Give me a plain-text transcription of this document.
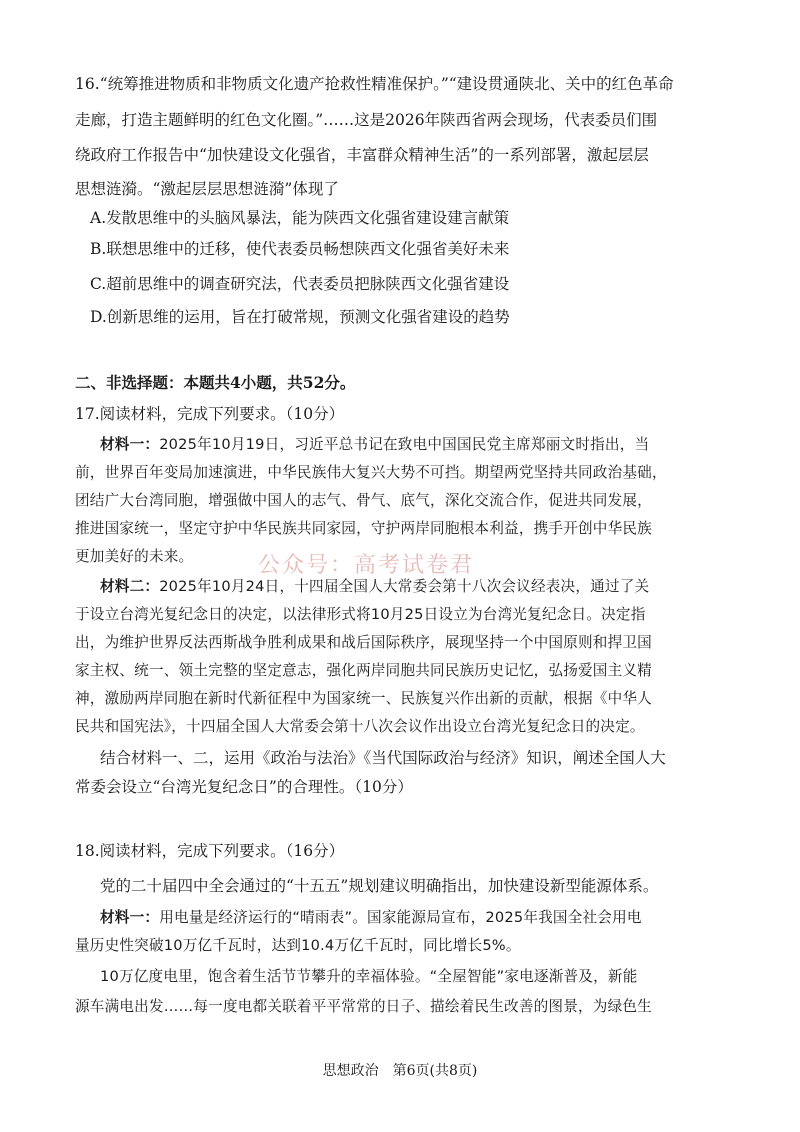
16.“统筹推进物质和非物质文化遗产抢救性精准保护。”“建设贯通陕北、关中的红色革命
走廊，打造主题鲜明的红色文化圈。”……这是2026年陕西省两会现场，代表委员们围
绕政府工作报告中“加快建设文化强省，丰富群众精神生活”的一系列部署，激起层层
思想涟漪。“激起层层思想涟漪”体现了
A.发散思维中的头脑风暴法，能为陕西文化强省建设建言献策
B.联想思维中的迁移，使代表委员畅想陕西文化强省美好未来
C.超前思维中的调查研究法，代表委员把脉陕西文化强省建设
D.创新思维的运用，旨在打破常规，预测文化强省建设的趋势
二、非选择题：本题共4小题，共52分。
17.阅读材料，完成下列要求。（10分）
材料一：2025年10月19日，习近平总书记在致电中国国民党主席郑丽文时指出，当
前，世界百年变局加速演进，中华民族伟大复兴大势不可挡。期望两党坚持共同政治基础，
团结广大台湾同胞，增强做中国人的志气、骨气、底气，深化交流合作，促进共同发展，
推进国家统一，坚定守护中华民族共同家园，守护两岸同胞根本利益，携手开创中华民族
更加美好的未来。	公众号：高考试卷君
材料二：2025年10月24日，十四届全国人大常委会第十八次会议经表决，通过了关
于设立台湾光复纪念日的决定，以法律形式将10月25日设立为台湾光复纪念日。决定指
出，为维护世界反法西斯战争胜利成果和战后国际秩序，展现坚持一个中国原则和捍卫国
家主权、统一、领土完整的坚定意志，强化两岸同胞共同民族历史记忆，弘扬爱国主义精
神，激励两岸同胞在新时代新征程中为国家统一、民族复兴作出新的贡献，根据《中华人
民共和国宪法》，十四届全国人大常委会第十八次会议作出设立台湾光复纪念日的决定。
结合材料一、二，运用《政治与法治》《当代国际政治与经济》知识，阐述全国人大
常委会设立“台湾光复纪念日”的合理性。（10分）
18.阅读材料，完成下列要求。（16分）
党的二十届四中全会通过的“十五五”规划建议明确指出，加快建设新型能源体系。
材料一：用电量是经济运行的“晴雨表”。国家能源局宣布，2025年我国全社会用电
量历史性突破10万亿千瓦时，达到10.4万亿千瓦时，同比增长5%。
10万亿度电里，饱含着生活节节攀升的幸福体验。“全屋智能”家电逐渐普及，新能
源车满电出发……每一度电都关联着平平常常的日子、描绘着民生改善的图景，为绿色生
思想政治　第6页(共8页)
